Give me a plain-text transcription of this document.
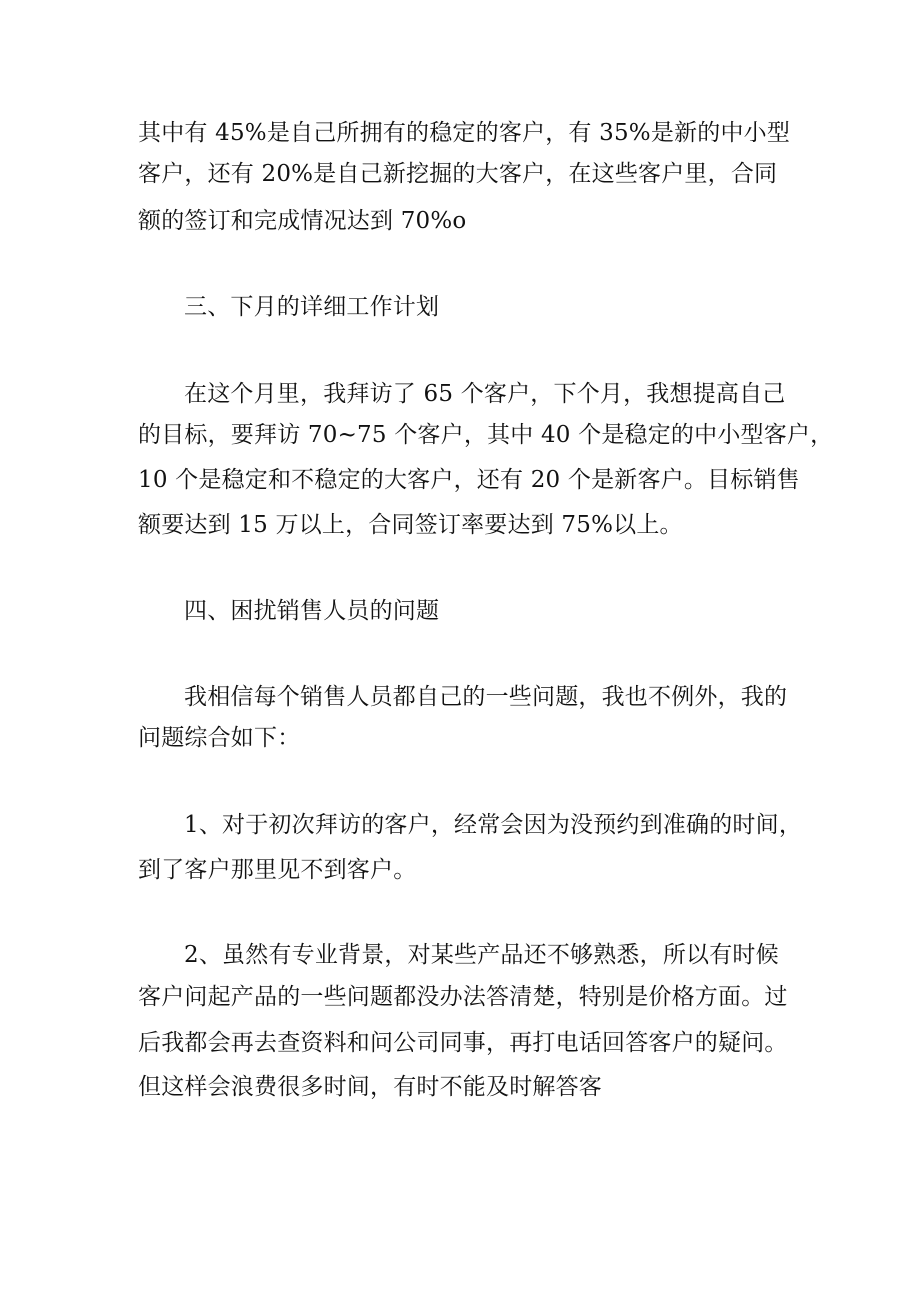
其中有 45%是自己所拥有的稳定的客户，有 35%是新的中小型

客户，还有 20%是自己新挖掘的大客户，在这些客户里，合同

额的签订和完成情况达到 70%o

三、下月的详细工作计划

在这个月里，我拜访了 65 个客户，下个月，我想提高自己

的目标，要拜访 70~75 个客户，其中 40 个是稳定的中小型客户，

10 个是稳定和不稳定的大客户，还有 20 个是新客户。目标销售

额要达到 15 万以上，合同签订率要达到 75%以上。

四、困扰销售人员的问题

我相信每个销售人员都自己的一些问题，我也不例外，我的

问题综合如下：

1、对于初次拜访的客户，经常会因为没预约到准确的时间，

到了客户那里见不到客户。

2、虽然有专业背景，对某些产品还不够熟悉，所以有时候

客户问起产品的一些问题都没办法答清楚，特别是价格方面。过

后我都会再去查资料和问公司同事，再打电话回答客户的疑问。

但这样会浪费很多时间，有时不能及时解答客
